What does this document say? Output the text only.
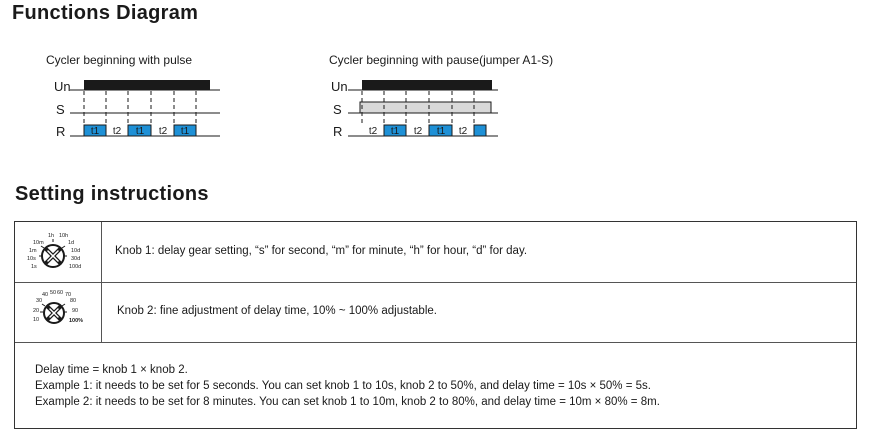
Functions Diagram
Cycler beginning with pulse
Un
S
R	t1 t2 t1 t2 t1
Cycler beginning with pause(jumper A1-S)
Un
S
R	t2 t1 t2 t1 t2
Setting instructions
1h 10h
10m	1d
1m	10d
10s	30d
1s	100d
Knob 1: delay gear setting, “s” for second, “m” for minute, “h” for hour, “d” for day.
40 50 60 70
30	80
20	90
10	100%
Knob 2: fine adjustment of delay time, 10% ~ 100% adjustable.
Delay time = knob 1 × knob 2.
Example 1: it needs to be set for 5 seconds. You can set knob 1 to 10s, knob 2 to 50%, and delay time = 10s × 50% = 5s.
Example 2: it needs to be set for 8 minutes. You can set knob 1 to 10m, knob 2 to 80%, and delay time = 10m × 80% = 8m.
